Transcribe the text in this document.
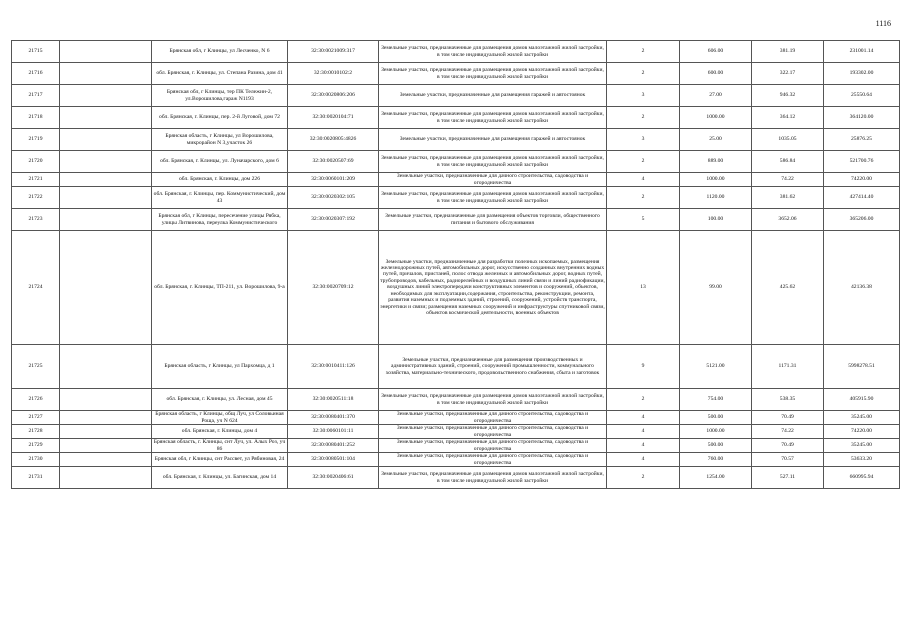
1116
21715		Брянская обл, г Клинцы, ул Лесченко, N 6	32:30:0021009:317	Земельные участки, предназначенные для размещения домов малоэтажной жилой застройки, в том числе индивидуальной жилой застройки	2	606.00	381.19	231001.14
21716		обл. Брянская, г. Клинцы, ул. Степана Разина, дом 41	32:30:0010102:2	Земельные участки, предназначенные для размещения домов малоэтажной жилой застройки, в том числе индивидуальной жилой застройки	2	600.00	322.17	193302.00
21717		Брянская обл, г Клинцы, тер ПК Тележин-2, ул.Ворошилова,гараж N1193	32:30:0020806:206	Земельные участки, предназначенные для размещения гаражей и автостоянок	3	27.00	946.32	25550.64
21718		обл. Брянская, г. Клинцы, пер. 2-й Луговой, дом 72	32:30:0020104:71	Земельные участки, предназначенные для размещения домов малоэтажной жилой застройки, в том числе индивидуальной жилой застройки	2	1000.00	364.12	364120.00
21719		Брянская область, г Клинцы, ул Ворошилова, микрорайон N 3,участок 26	32:30:0020805:4826	Земельные участки, предназначенные для размещения гаражей и автостоянок	3	25.00	1035.05	25876.25
21720		обл. Брянская, г. Клинцы, ул. Луначарского, дом 6	32:30:0020507:69	Земельные участки, предназначенные для размещения домов малоэтажной жилой застройки, в том числе индивидуальной жилой застройки	2	889.00	586.84	521700.76
21721		обл. Брянская, г. Клинцы, дом 226	32:30:0060101:209	Земельные участки, предназначенные для дачного строительства, садоводства и огородничества	4	1000.00	74.22	74220.00
21722		обл. Брянская, г. Клинцы, пер. Коммунистический, дом 43	32:30:0020302:105	Земельные участки, предназначенные для размещения домов малоэтажной жилой застройки, в том числе индивидуальной жилой застройки	2	1120.00	381.62	427414.40
21723		Брянская обл, г Клинцы, пересечение улицы Рябка, улицы Литвинова, переулка Коммунистического	32:30:0020307:192	Земельные участки, предназначенные для размещения объектов торговли, общественного питания и бытового обслуживания	5	100.00	3652.06	365206.00
21724		обл. Брянская, г. Клинцы, ТП-211, ул. Ворошилова, 9-а	32:30:0020709:12	Земельные участки, предназначенные для разработки полезных ископаемых, размещения железнодорожных путей, автомобильных дорог, искусственно созданных внутренних водных путей, причалов, пристаней, полос отвода железных и автомобильных дорог, водных путей, трубопроводов, кабельных, радиорелейных и воздушных линий связи и линий радиофикации, воздушных линий электропередачи конструктивных элементов и сооружений, объектов, необходимых для эксплуатации,содержания, строительства, реконструкции, ремонта, развития наземных и подземных зданий, строений, сооружений, устройств транспорта, энергетики и связи; размещения наземных сооружений и инфраструктуры спутниковой связи, объектов космической деятельности, военных объектов	13	99.00	425.62	42136.38
21725		Брянская область, г Клинцы, ул Пархомца, д 1	32:30:0010411:126	Земельные участки, предназначенные для размещения производственных и административных зданий, строений, сооружений промышленности, коммунального хозяйства, материально-технического, продовольственного снабжения, сбыта и заготовок	9	5121.00	1171.31	5998278.51
21726		обл. Брянская, г. Клинцы, ул. Лесная, дом 45	32:30:0020511:18	Земельные участки, предназначенные для размещения домов малоэтажной жилой застройки, в том числе индивидуальной жилой застройки	2	754.00	538.35	405915.90
21727		Брянская область, г Клинцы, общ Луч, ул Соловьиная Роща, уч N 624	32:30:0080401:370	Земельные участки, предназначенные для дачного строительства, садоводства и огородничества	4	500.00	70.49	35245.00
21728		обл. Брянская, г. Клинцы, дом 4	32:30:0060101:11	Земельные участки, предназначенные для дачного строительства, садоводства и огородничества	4	1000.00	74.22	74220.00
21729		Брянская область, г. Клинцы, снт Луч, ул. Алых Роз, уч 86	32:30:0080401:252	Земельные участки, предназначенные для дачного строительства, садоводства и огородничества	4	500.00	70.49	35245.00
21730		Брянская обл, г Клинцы, снт Рассвет, ул Рябиновая, 24	32:30:0080501:104	Земельные участки, предназначенные для дачного строительства, садоводства и огородничества	4	760.00	70.57	53633.20
21731		обл. Брянская, г. Клинцы, ул. Багинская, дом 14	32:30:0020406:61	Земельные участки, предназначенные для размещения домов малоэтажной жилой застройки, в том числе индивидуальной жилой застройки	2	1254.00	527.11	660995.94
